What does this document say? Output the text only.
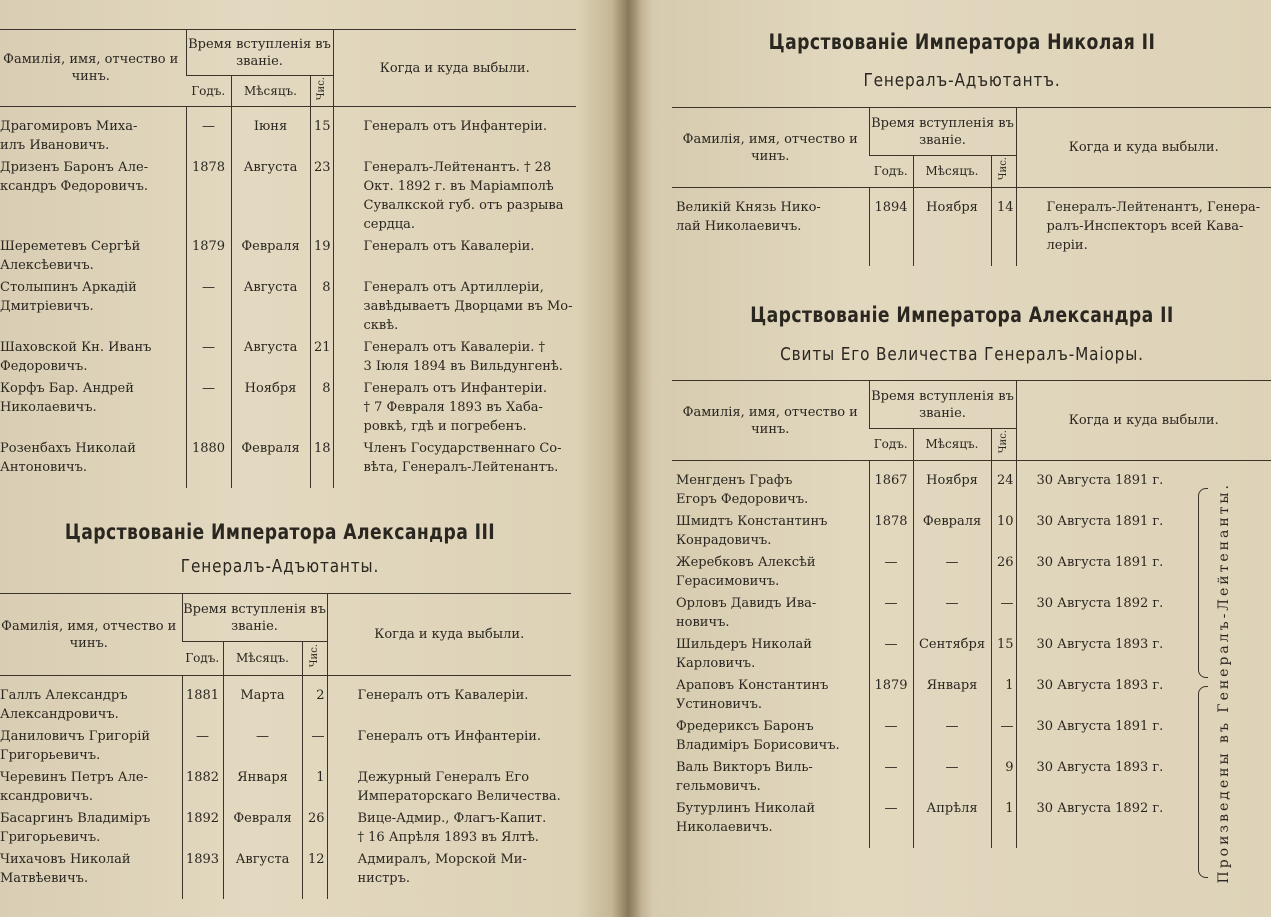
Фамилія, имя, отчество и чинъ.	Время вступленія въ званіе.			Когда и куда выбыли.
	Годъ.	Мѣсяцъ.	Чис.	

Драгомировъ Миха-
илъ Ивановичъ.	—	Іюня	15	Генералъ отъ Инфантеріи.

Дризенъ Баронъ Але-
ксандръ Федоровичъ.	1878	Августа	23	Генералъ-Лейтенантъ. † 28
Окт. 1892 г. въ Маріамполѣ
Сувалкской губ. отъ разрыва
сердца.

Шереметевъ Сергѣй
Алексѣевичъ.	1879	Февраля	19	Генералъ отъ Кавалеріи.

Столыпинъ Аркадій
Дмитріевичъ.	—	Августа	8	Генералъ отъ Артиллеріи,
завѣдываетъ Дворцами въ Мо-
сквѣ.

Шаховской Кн. Иванъ
Федоровичъ.	—	Августа	21	Генералъ отъ Кавалеріи. †
3 Іюля 1894 въ Вильдунгенѣ.

Корфъ Бар. Андрей
Николаевичъ.	—	Ноября	8	Генералъ отъ Инфантеріи.
† 7 Февраля 1893 въ Хаба-
ровкѣ, гдѣ и погребенъ.

Розенбахъ Николай
Антоновичъ.	1880	Февраля	18	Членъ Государственнаго Со-
вѣта, Генералъ-Лейтенантъ.

Царствованіе Императора Александра III
Генералъ-Адъютанты.
Фамилія, имя, отчество и чинъ.	Время вступленія въ званіе.			Когда и куда выбыли.
	Годъ.	Мѣсяцъ.	Чис.	

Галлъ Александръ
Александровичъ.	1881	Марта	2	Генералъ отъ Кавалеріи.

Даниловичъ Григорій
Григорьевичъ.	—	—	—	Генералъ отъ Инфантеріи.

Черевинъ Петръ Але-
ксандровичъ.	1882	Января	1	Дежурный Генералъ Его
Императорскаго Величества.

Басаргинъ Владиміръ
Григорьевичъ.	1892	Февраля	26	Вице-Адмир., Флагъ-Капит.
† 16 Апрѣля 1893 въ Ялтѣ.

Чихачовъ Николай
Матвѣевичъ.	1893	Августа	12	Адмиралъ, Морской Ми-
нистръ.

Царствованіе Императора Николая II
Генералъ-Адъютантъ.
Фамилія, имя, отчество и чинъ.	Время вступленія въ званіе.			Когда и куда выбыли.
	Годъ.	Мѣсяцъ.	Чис.	

Великій Князь Нико-
лай Николаевичъ.	1894	Ноября	14	Генералъ-Лейтенантъ, Генера-
ралъ-Инспекторъ всей Кава-
леріи.

Царствованіе Императора Александра II
Свиты Его Величества Генералъ-Маіоры.
Фамилія, имя, отчество и чинъ.	Время вступленія въ званіе.			Когда и куда выбыли.
	Годъ.	Мѣсяцъ.	Чис.	

Менгденъ Графъ
Егоръ Федоровичъ.	1867	Ноября	24	30 Августа 1891 г.

Шмидтъ Константинъ
Конрадовичъ.	1878	Февраля	10	30 Августа 1891 г.

Жеребковъ Алексѣй
Герасимовичъ.	—	—	26	30 Августа 1891 г.

Орловъ Давидъ Ива-
новичъ.	—	—	—	30 Августа 1892 г.

Шильдеръ Николай
Карловичъ.	—	Сентября	15	30 Августа 1893 г.

Араповъ Константинъ
Устиновичъ.	1879	Января	1	30 Августа 1893 г.

Фредериксъ Баронъ
Владиміръ Борисовичъ.	—	—	—	30 Августа 1891 г.

Валь Викторъ Виль-
гельмовичъ.	—	—	9	30 Августа 1893 г.

Бутурлинъ Николай
Николаевичъ.	—	Апрѣля	1	30 Августа 1892 г.

					Произведены въ Генералъ-Лейтенанты.
